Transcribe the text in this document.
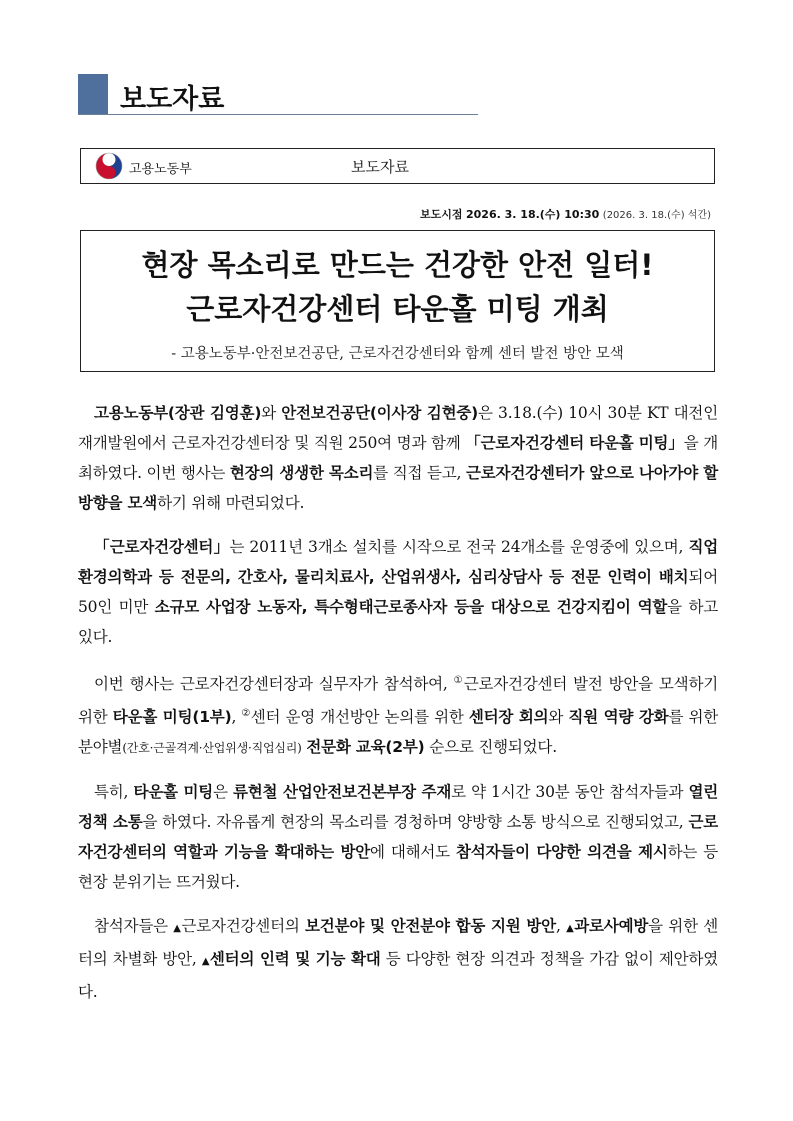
보도자료
고용노동부	보도자료
보도시점 2026. 3. 18.(수) 10:30 (2026. 3. 18.(수) 석간)
현장 목소리로 만드는 건강한 안전 일터!
근로자건강센터 타운홀 미팅 개최
- 고용노동부·안전보건공단, 근로자건강센터와 함께 센터 발전 방안 모색

고용노동부(장관 김영훈)와 안전보건공단(이사장 김현중)은 3.18.(수) 10시 30분 KT 대전인재개발원에서 근로자건강센터장 및 직원 250여 명과 함께 「근로자건강센터 타운홀 미팅」을 개최하였다. 이번 행사는 현장의 생생한 목소리를 직접 듣고, 근로자건강센터가 앞으로 나아가야 할 방향을 모색하기 위해 마련되었다.

「근로자건강센터」는 2011년 3개소 설치를 시작으로 전국 24개소를 운영중에 있으며, 직업환경의학과 등 전문의, 간호사, 물리치료사, 산업위생사, 심리상담사 등 전문 인력이 배치되어 50인 미만 소규모 사업장 노동자, 특수형태근로종사자 등을 대상으로 건강지킴이 역할을 하고 있다.

이번 행사는 근로자건강센터장과 실무자가 참석하여, ①근로자건강센터 발전 방안을 모색하기 위한 타운홀 미팅(1부), ②센터 운영 개선방안 논의를 위한 센터장 회의와 직원 역량 강화를 위한 분야별(간호·근골격계·산업위생·직업심리) 전문화 교육(2부) 순으로 진행되었다.

특히, 타운홀 미팅은 류현철 산업안전보건본부장 주재로 약 1시간 30분 동안 참석자들과 열린 정책 소통을 하였다. 자유롭게 현장의 목소리를 경청하며 양방향 소통 방식으로 진행되었고, 근로자건강센터의 역할과 기능을 확대하는 방안에 대해서도 참석자들이 다양한 의견을 제시하는 등 현장 분위기는 뜨거웠다.

참석자들은 ▲근로자건강센터의 보건분야 및 안전분야 합동 지원 방안, ▲과로사예방을 위한 센터의 차별화 방안, ▲센터의 인력 및 기능 확대 등 다양한 현장 의견과 정책을 가감 없이 제안하였다.
